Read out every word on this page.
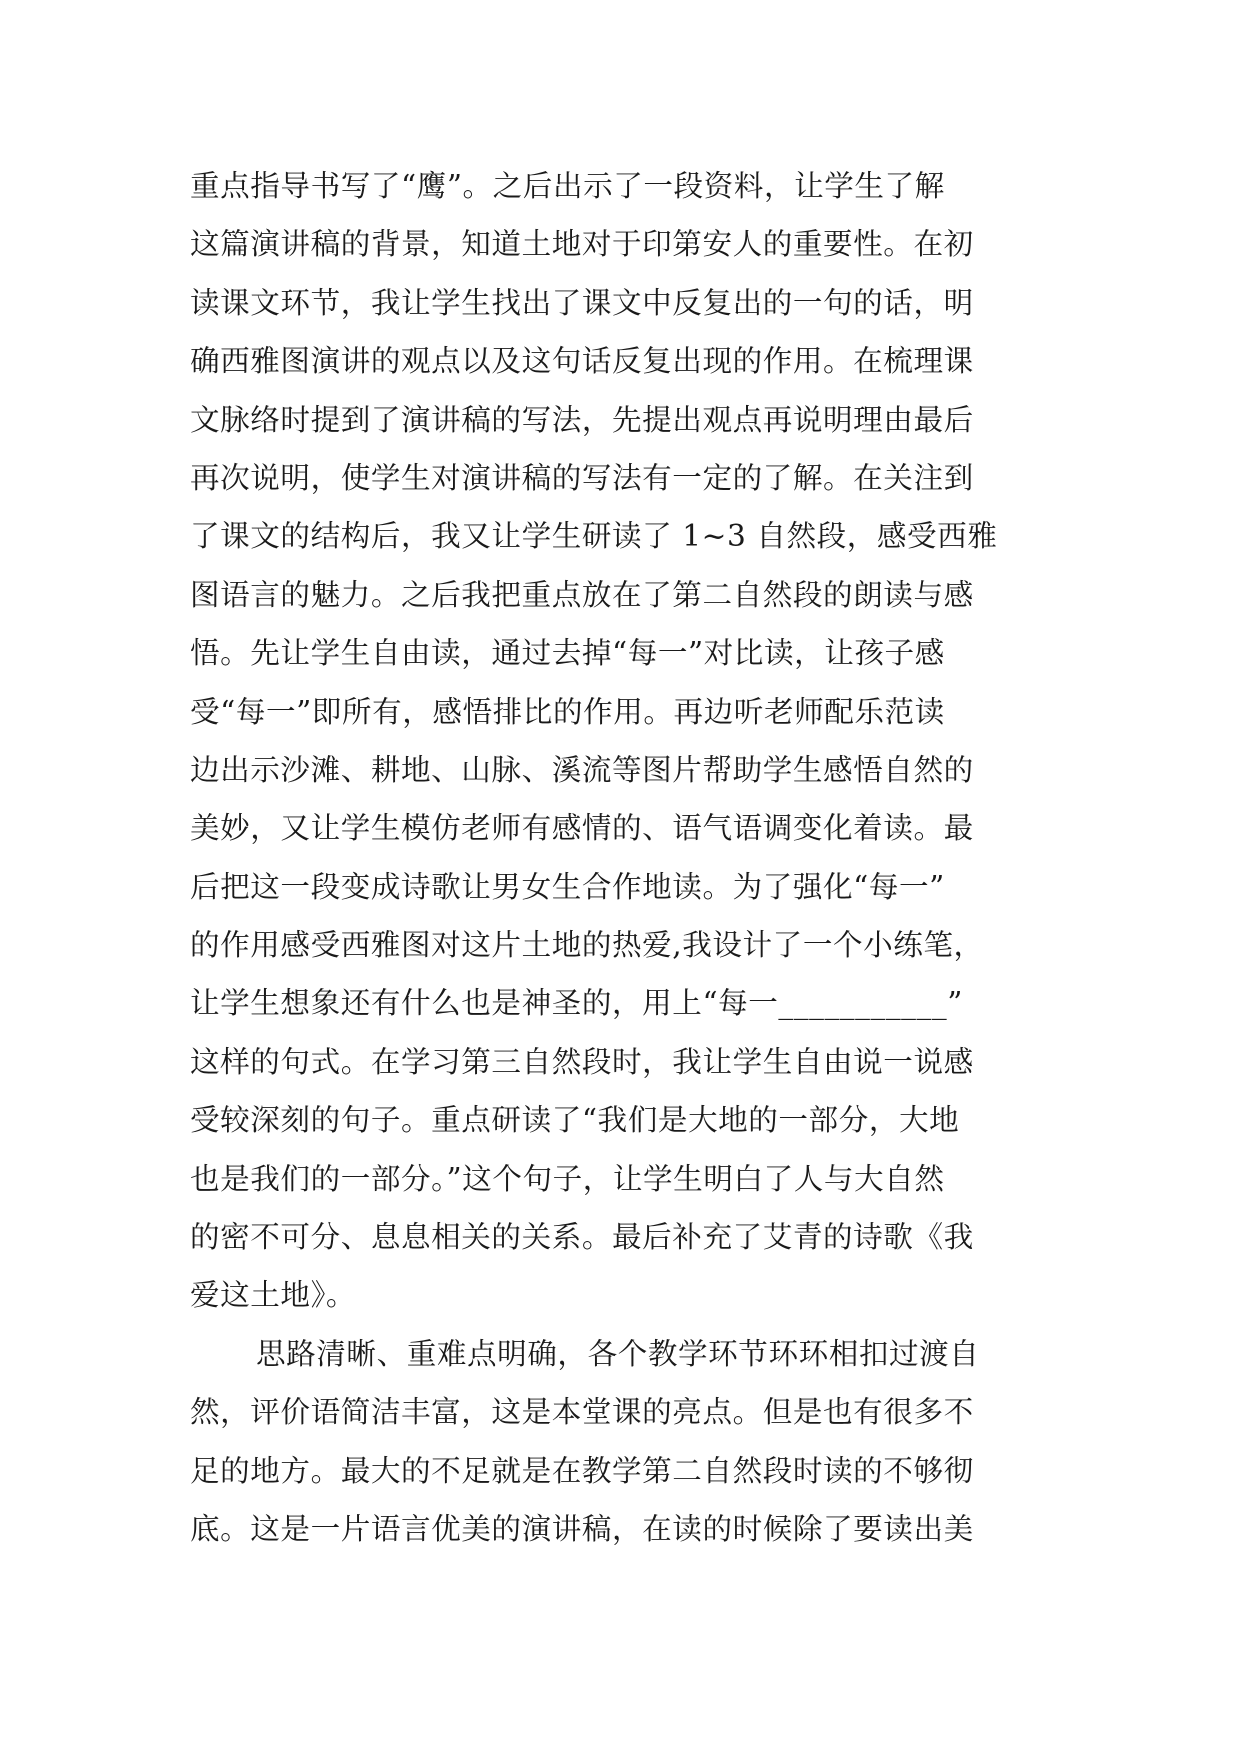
重点指导书写了“鹰”。之后出示了一段资料，让学生了解
这篇演讲稿的背景，知道土地对于印第安人的重要性。在初
读课文环节，我让学生找出了课文中反复出的一句的话，明
确西雅图演讲的观点以及这句话反复出现的作用。在梳理课
文脉络时提到了演讲稿的写法，先提出观点再说明理由最后
再次说明，使学生对演讲稿的写法有一定的了解。在关注到
了课文的结构后，我又让学生研读了 1~3 自然段，感受西雅
图语言的魅力。之后我把重点放在了第二自然段的朗读与感
悟。先让学生自由读，通过去掉“每一”对比读，让孩子感
受“每一”即所有，感悟排比的作用。再边听老师配乐范读
边出示沙滩、耕地、山脉、溪流等图片帮助学生感悟自然的
美妙，又让学生模仿老师有感情的、语气语调变化着读。最
后把这一段变成诗歌让男女生合作地读。为了强化“每一”
的作用感受西雅图对这片土地的热爱,我设计了一个小练笔，
让学生想象还有什么也是神圣的，用上“每一___________”
这样的句式。在学习第三自然段时，我让学生自由说一说感
受较深刻的句子。重点研读了“我们是大地的一部分，大地
也是我们的一部分。”这个句子，让学生明白了人与大自然
的密不可分、息息相关的关系。最后补充了艾青的诗歌《我
爱这土地》。
思路清晰、重难点明确，各个教学环节环环相扣过渡自
然，评价语简洁丰富，这是本堂课的亮点。但是也有很多不
足的地方。最大的不足就是在教学第二自然段时读的不够彻
底。这是一片语言优美的演讲稿，在读的时候除了要读出美
